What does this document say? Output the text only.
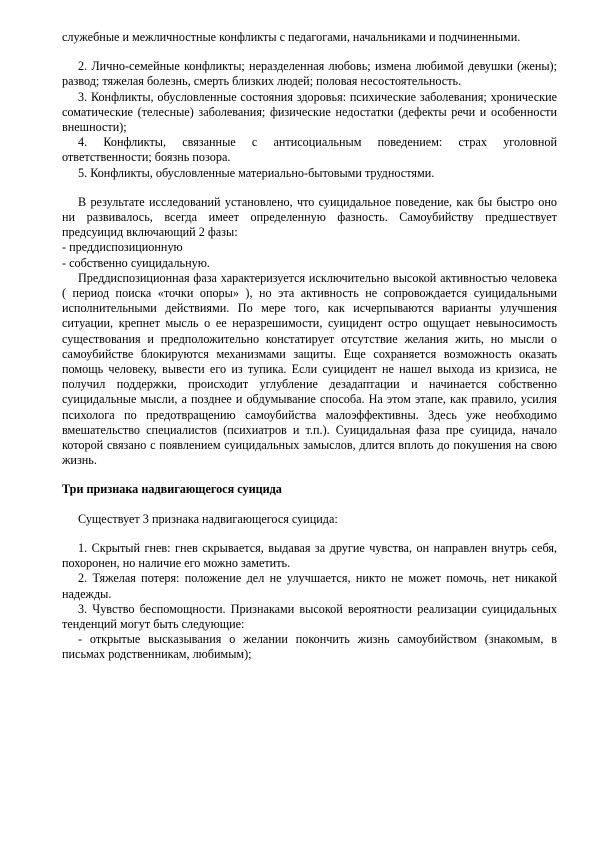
служебные и межличностные конфликты с педагогами, начальниками и подчиненными.

2. Лично-семейные конфликты; неразделенная любовь; измена любимой девушки (жены); развод; тяжелая болезнь, смерть близких людей; половая несостоятельность.

3. Конфликты, обусловленные состояния здоровья: психические заболевания; хронические соматические (телесные) заболевания; физические недостатки (дефекты речи и особенности внешности);

4. Конфликты, связанные с антисоциальным поведением: страх уголовной ответственности; боязнь позора.

5. Конфликты, обусловленные материально-бытовыми трудностями.

В результате исследований установлено, что суицидальное поведение, как бы быстро оно ни развивалось, всегда имеет определенную фазность. Самоубийству предшествует предсуицид включающий 2 фазы:

- преддиспозиционную

- собственно суицидальную.

Преддиспозиционная фаза характеризуется исключительно высокой активностью человека ( период поиска «точки опоры» ), но эта активность не сопровождается суицидальными исполнительными действиями. По мере того, как исчерпываются варианты улучшения ситуации, крепнет мысль о ее неразрешимости, суицидент остро ощущает невыносимость существования и предположительно констатирует отсутствие желания жить, но мысли о самоубийстве блокируются механизмами защиты. Еще сохраняется возможность оказать помощь человеку, вывести его из тупика. Если суицидент не нашел выхода из кризиса, не получил поддержки, происходит углубление дезадаптации и начинается собственно суицидальные мысли, а позднее и обдумывание способа. На этом этапе, как правило, усилия психолога по предотвращению самоубийства малоэффективны. Здесь уже необходимо вмешательство специалистов (психиатров и т.п.). Суицидальная фаза пре суицида, начало которой связано с появлением суицидальных замыслов, длится вплоть до покушения на свою жизнь.

Три признака надвигающегося суицида

Существует 3 признака надвигающегося суицида:

1. Скрытый гнев: гнев скрывается, выдавая за другие чувства, он направлен внутрь себя, похоронен, но наличие его можно заметить.

2. Тяжелая потеря: положение дел не улучшается, никто не может помочь, нет никакой надежды.

3. Чувство беспомощности. Признаками высокой вероятности реализации суицидальных тенденций могут быть следующие:

- открытые высказывания о желании покончить жизнь самоубийством (знакомым, в письмах родственникам, любимым);
